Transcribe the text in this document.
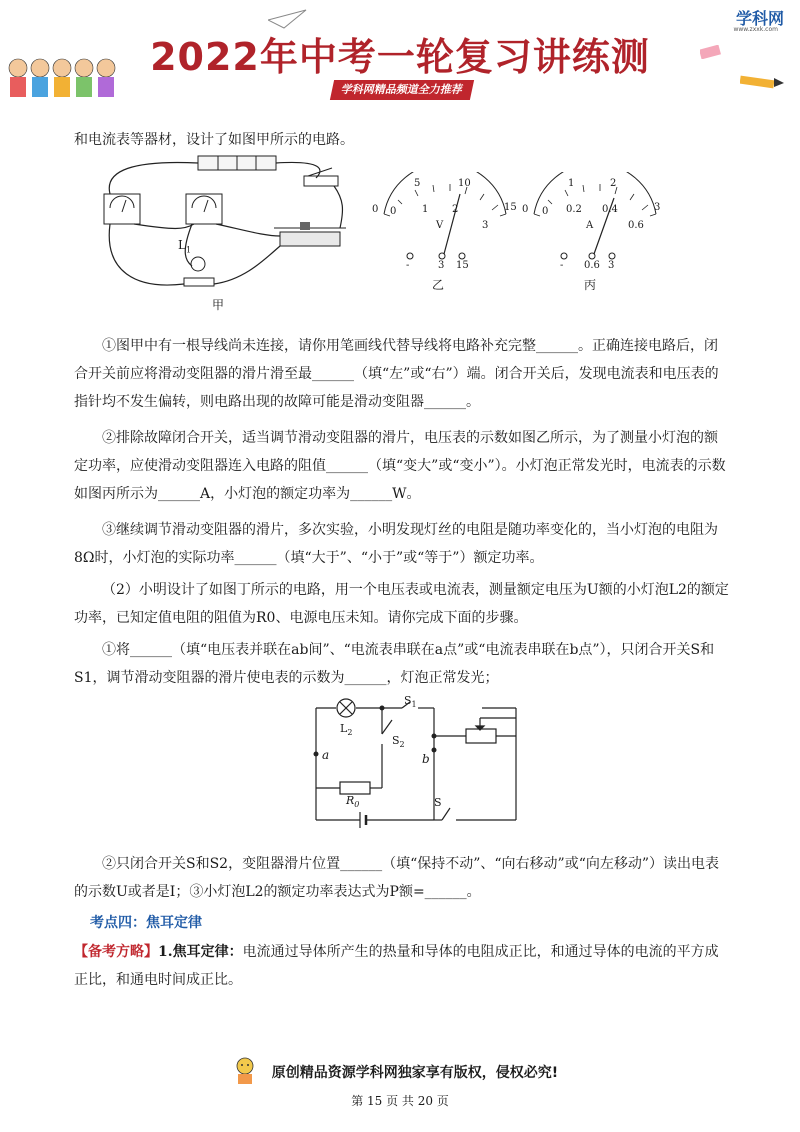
2022年中考一轮复习讲练测
学科网精品频道全力推荐
学科网
www.zxxk.com
和电流表等器材，设计了如图甲所示的电路。
$L_1$
甲
0
5	10
15
0	1 2
3
V
-	3 15
乙
0
1	2
3
0 0.2 0.4
0.6
A
- 0.6 3
丙
①图甲中有一根导线尚未连接，请你用笔画线代替导线将电路补充完整______。正确连接电路后，闭合开关前应将滑动变阻器的滑片滑至最______（填“左”或“右”）端。闭合开关后，发现电流表和电压表的指针均不发生偏转，则电路出现的故障可能是滑动变阻器______。
②排除故障闭合开关，适当调节滑动变阻器的滑片，电压表的示数如图乙所示，为了测量小灯泡的额定功率，应使滑动变阻器连入电路的阻值______（填“变大”或“变小”）。小灯泡正常发光时，电流表的示数如图丙所示为______A，小灯泡的额定功率为______W。
③继续调节滑动变阻器的滑片，多次实验，小明发现灯丝的电阻是随功率变化的，当小灯泡的电阻为8Ω时，小灯泡的实际功率______（填“大于”、“小于”或“等于”）额定功率。
（2）小明设计了如图丁所示的电路，用一个电压表或电流表，测量额定电压为U额的小灯泡L2的额定功率，已知定值电阻的阻值为R0、电源电压未知。请你完成下面的步骤。
①将______（填“电压表并联在ab间”、“电流表串联在a点”或“电流表串联在b点”），只闭合开关S和S1，调节滑动变阻器的滑片使电表的示数为______，灯泡正常发光；
$L_2$
$S_1$
$S_2$
a	b
$R_0$	S
②只闭合开关S和S2，变阻器滑片位置______（填“保持不动”、“向右移动”或“向左移动”）读出电表的示数U或者是I；③小灯泡L2的额定功率表达式为P额=______。
考点四：焦耳定律
【备考方略】1.焦耳定律：电流通过导体所产生的热量和导体的电阻成正比，和通过导体的电流的平方成正比，和通电时间成正比。
原创精品资源学科网独家享有版权，侵权必究!
第 15 页 共 20 页
